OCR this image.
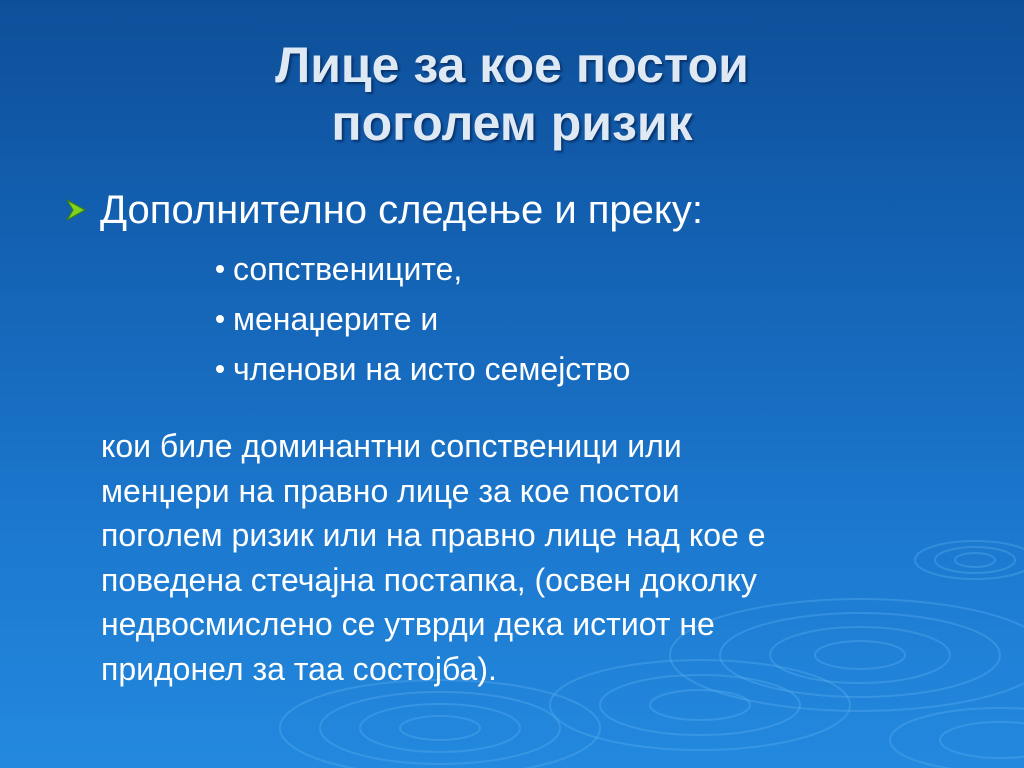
Лице за кое постои
поголем ризик
Дополнително следење и преку:
сопствениците,
менаџерите и
членови на исто семејство
кои биле доминантни сопственици или
менџери на правно лице за кое постои
поголем ризик или на правно лице над кое е
поведена стечајна постапка, (освен доколку
недвосмислено се утврди дека истиот не
придонел за таа состојба).
